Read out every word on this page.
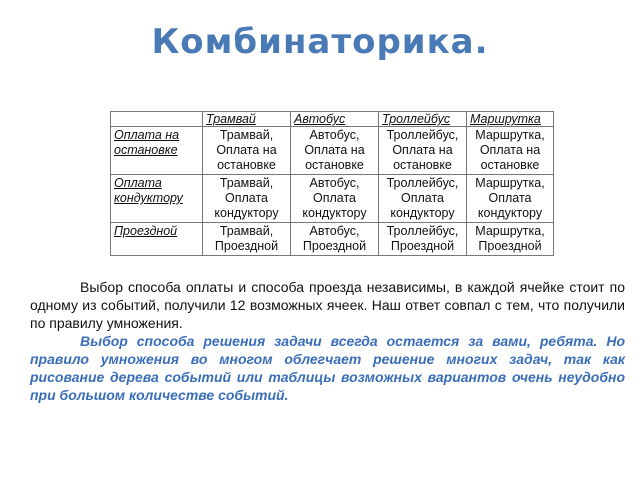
Комбинаторика.
	Трамвай	Автобус	Троллейбус	Маршрутка
Оплата на остановке	Трамвай, Оплата на остановке	Автобус, Оплата на остановке	Троллейбус, Оплата на остановке	Маршрутка, Оплата на остановке
Оплата кондуктору	Трамвай, Оплата кондуктору	Автобус, Оплата кондуктору	Троллейбус, Оплата кондуктору	Маршрутка, Оплата кондуктору
Проездной	Трамвай, Проездной	Автобус, Проездной	Троллейбус, Проездной	Маршрутка, Проездной

Выбор способа оплаты и способа проезда независимы, в каждой ячейке стоит по одному из событий, получили 12 возможных ячеек. Наш ответ совпал с тем, что получили по правилу умножения.

Выбор способа решения задачи всегда остается за вами, ребята. Но правило умножения во многом облегчает решение многих задач, так как рисование дерева событий или таблицы возможных вариантов очень неудобно при большом количестве событий.
